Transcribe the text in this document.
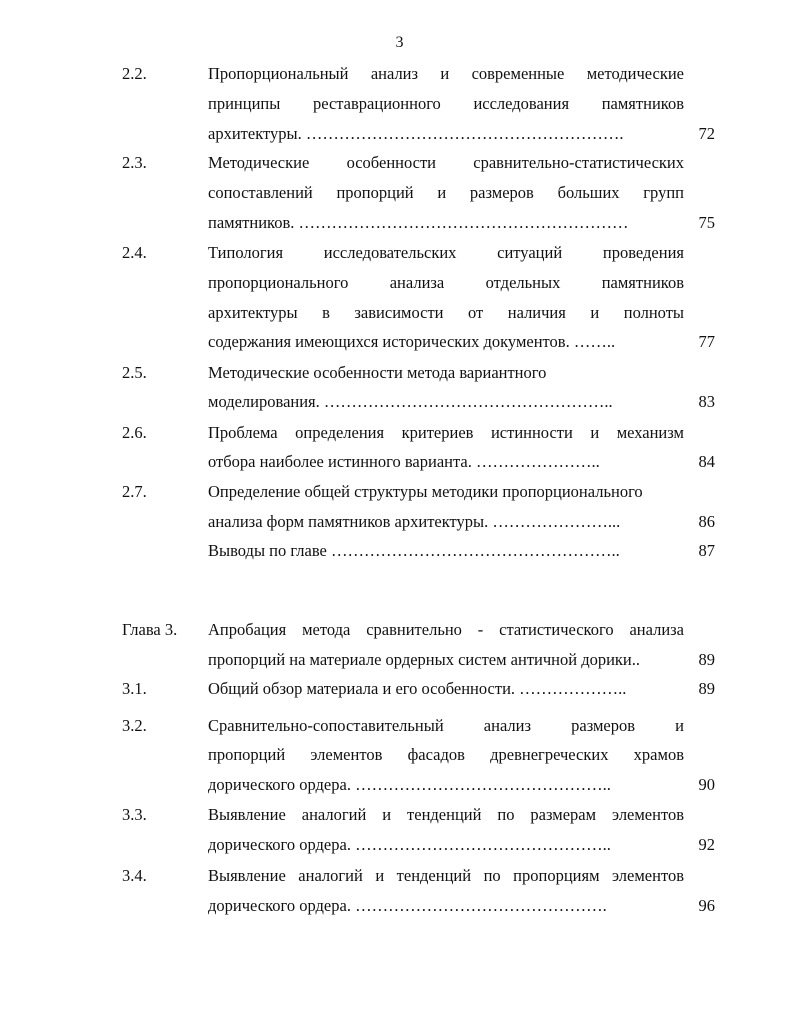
3
2.2.	Пропорциональный анализ и современные методические
принципы реставрационного исследования памятников
архитектуры. ………………………………………………….	72
2.3.	Методические особенности сравнительно-статистических
сопоставлений пропорций и размеров больших групп
памятников. ……………………………………………………	75
2.4.	Типология исследовательских ситуаций проведения
пропорционального анализа отдельных памятников
архитектуры в зависимости от наличия и полноты
содержания имеющихся исторических документов. ……..	77
2.5.	Методические особенности метода вариантного
моделирования. ……………………………………………..	83
2.6.	Проблема определения критериев истинности и механизм
отбора наиболее истинного варианта. …………………..	84
2.7.	Определение общей структуры методики пропорционального
анализа форм памятников архитектуры. …………………...	86
Выводы по главе ……………………………………………..	87
Глава 3. Апробация метода сравнительно - статистического анализа
пропорций на материале ордерных систем античной дорики..	89
3.1.	Общий обзор материала и его особенности. ………………..	89
3.2.	Сравнительно-сопоставительный анализ размеров и
пропорций элементов фасадов древнегреческих храмов
дорического ордера. ………………………………………..	90
3.3.	Выявление аналогий и тенденций по размерам элементов
дорического ордера. ………………………………………..	92
3.4.	Выявление аналогий и тенденций по пропорциям элементов
дорического ордера. ……………………………………….	96
